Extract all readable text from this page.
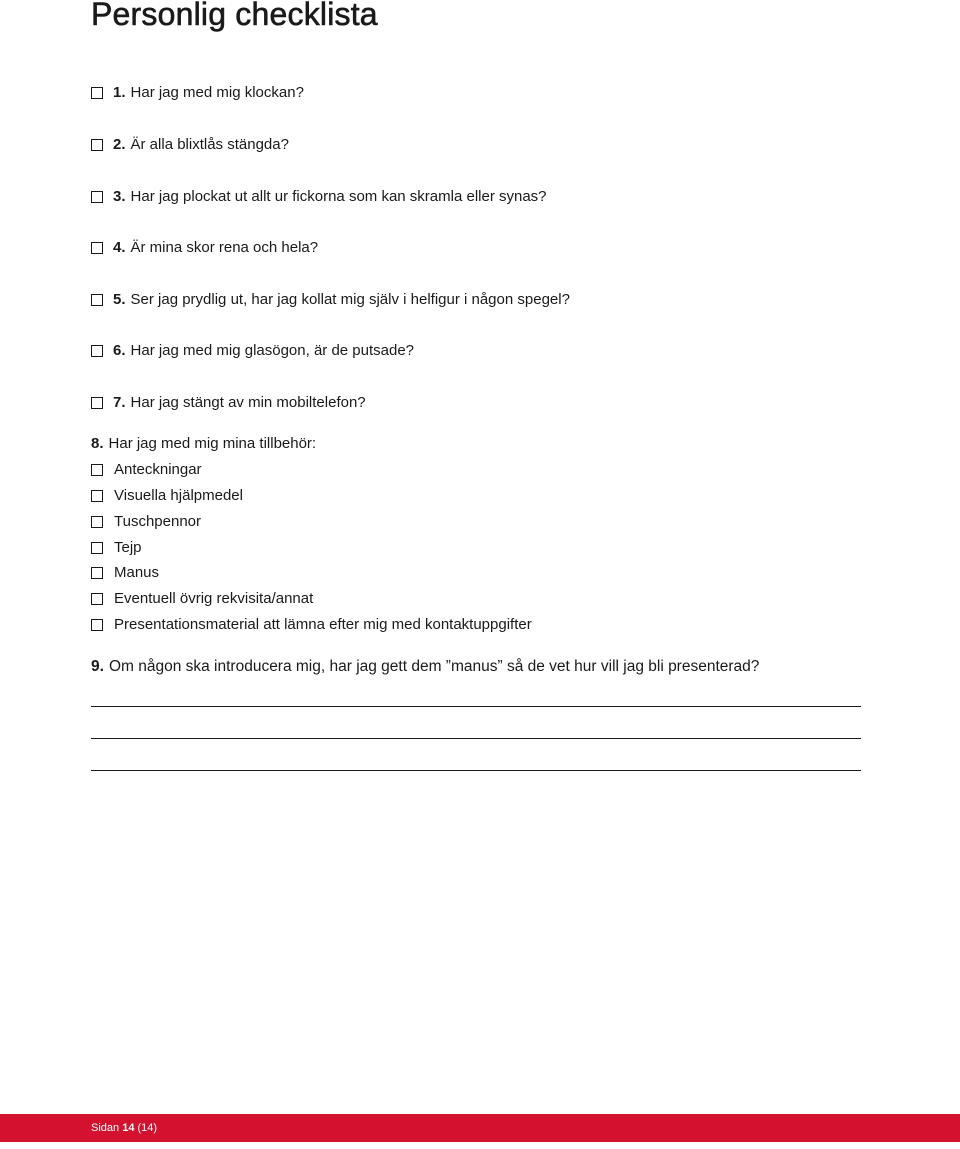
Personlig checklista
1. Har jag med mig klockan?
2. Är alla blixtlås stängda?
3. Har jag plockat ut allt ur fickorna som kan skramla eller synas?
4. Är mina skor rena och hela?
5. Ser jag prydlig ut, har jag kollat mig själv i helfigur i någon spegel?
6. Har jag med mig glasögon, är de putsade?
7. Har jag stängt av min mobiltelefon?
8. Har jag med mig mina tillbehör:
Anteckningar
Visuella hjälpmedel
Tuschpennor
Tejp
Manus
Eventuell övrig rekvisita/annat
Presentationsmaterial att lämna efter mig med kontaktuppgifter
9. Om någon ska introducera mig, har jag gett dem ”manus” så de vet hur vill jag bli presenterad?
Sidan 14 (14)
